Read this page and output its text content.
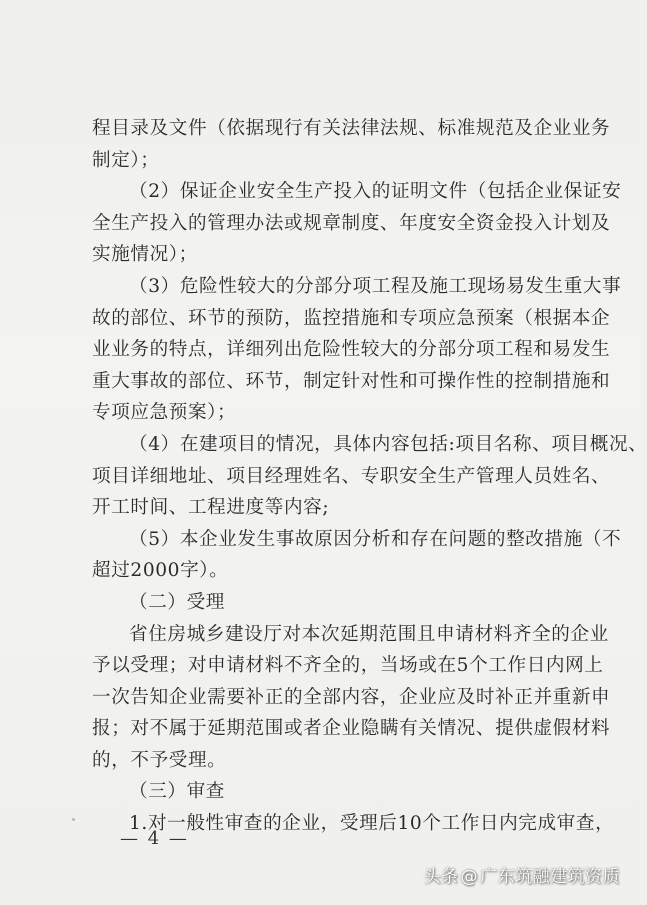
程目录及文件（依据现行有关法律法规、标准规范及企业业务
制定）；
（2）保证企业安全生产投入的证明文件（包括企业保证安
全生产投入的管理办法或规章制度、年度安全资金投入计划及
实施情况）；
（3）危险性较大的分部分项工程及施工现场易发生重大事
故的部位、环节的预防，监控措施和专项应急预案（根据本企
业业务的特点，详细列出危险性较大的分部分项工程和易发生
重大事故的部位、环节，制定针对性和可操作性的控制措施和
专项应急预案）；
（4）在建项目的情况，具体内容包括:项目名称、项目概况、
项目详细地址、项目经理姓名、专职安全生产管理人员姓名、
开工时间、工程进度等内容;
（5）本企业发生事故原因分析和存在问题的整改措施（不
超过2000字）。
（二）受理
省住房城乡建设厅对本次延期范围且申请材料齐全的企业
予以受理；对申请材料不齐全的，当场或在5个工作日内网上
一次告知企业需要补正的全部内容，企业应及时补正并重新申
报；对不属于延期范围或者企业隐瞒有关情况、提供虚假材料
的，不予受理。
（三）审查
1.对一般性审查的企业，受理后10个工作日内完成审查，
— 4 —
头条 @ 广东筑融建筑资质
